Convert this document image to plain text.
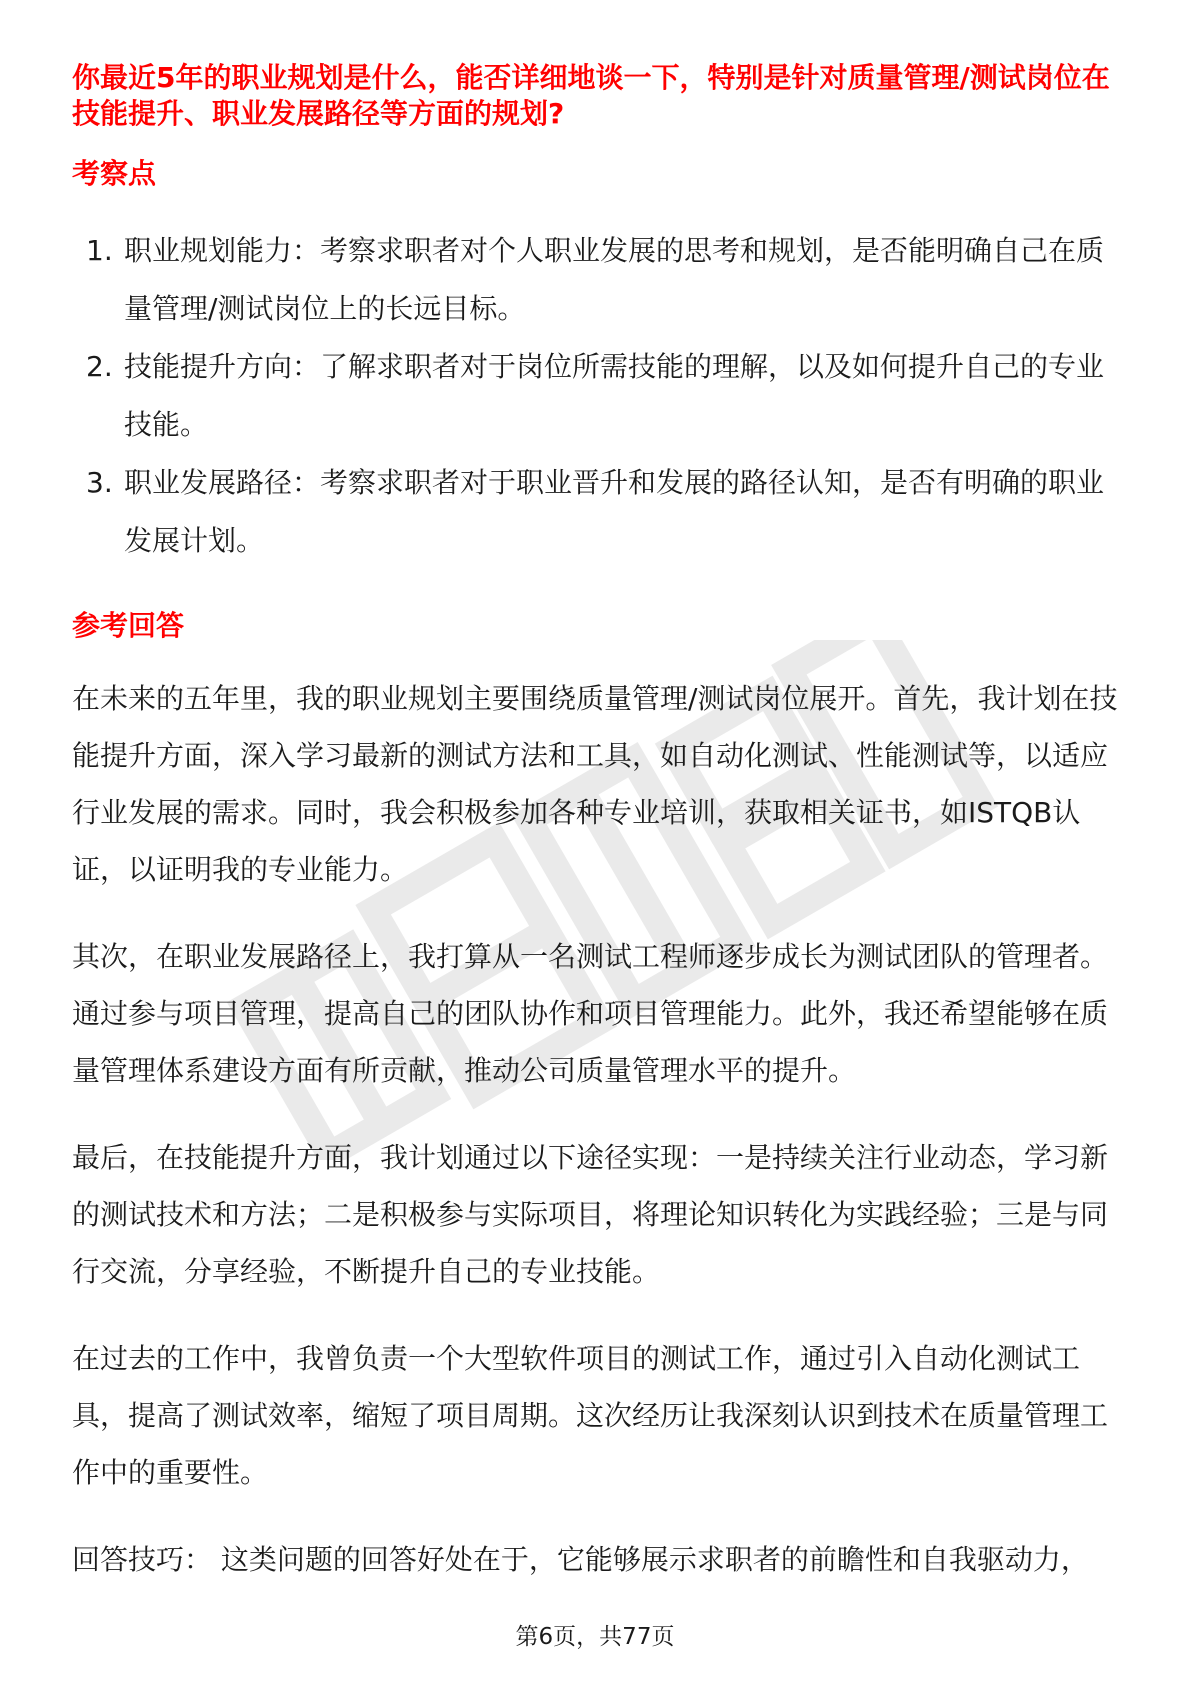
你最近5年的职业规划是什么，能否详细地谈一下，特别是针对质量管理/测试岗位在技能提升、职业发展路径等方面的规划?
考察点
1. 职业规划能力：考察求职者对个人职业发展的思考和规划，是否能明确自己在质量管理/测试岗位上的长远目标。
2. 技能提升方向：了解求职者对于岗位所需技能的理解，以及如何提升自己的专业技能。
3. 职业发展路径：考察求职者对于职业晋升和发展的路径认知，是否有明确的职业发展计划。
参考回答

在未来的五年里，我的职业规划主要围绕质量管理/测试岗位展开。首先，我计划在技能提升方面，深入学习最新的测试方法和工具，如自动化测试、性能测试等，以适应行业发展的需求。同时，我会积极参加各种专业培训，获取相关证书，如ISTQB认证，以证明我的专业能力。

其次，在职业发展路径上，我打算从一名测试工程师逐步成长为测试团队的管理者。通过参与项目管理，提高自己的团队协作和项目管理能力。此外，我还希望能够在质量管理体系建设方面有所贡献，推动公司质量管理水平的提升。

最后，在技能提升方面，我计划通过以下途径实现：一是持续关注行业动态，学习新的测试技术和方法；二是积极参与实际项目，将理论知识转化为实践经验；三是与同行交流，分享经验，不断提升自己的专业技能。

在过去的工作中，我曾负责一个大型软件项目的测试工作，通过引入自动化测试工具，提高了测试效率，缩短了项目周期。这次经历让我深刻认识到技术在质量管理工作中的重要性。

回答技巧： 这类问题的回答好处在于，它能够展示求职者的前瞻性和自我驱动力，

第6页，共77页
